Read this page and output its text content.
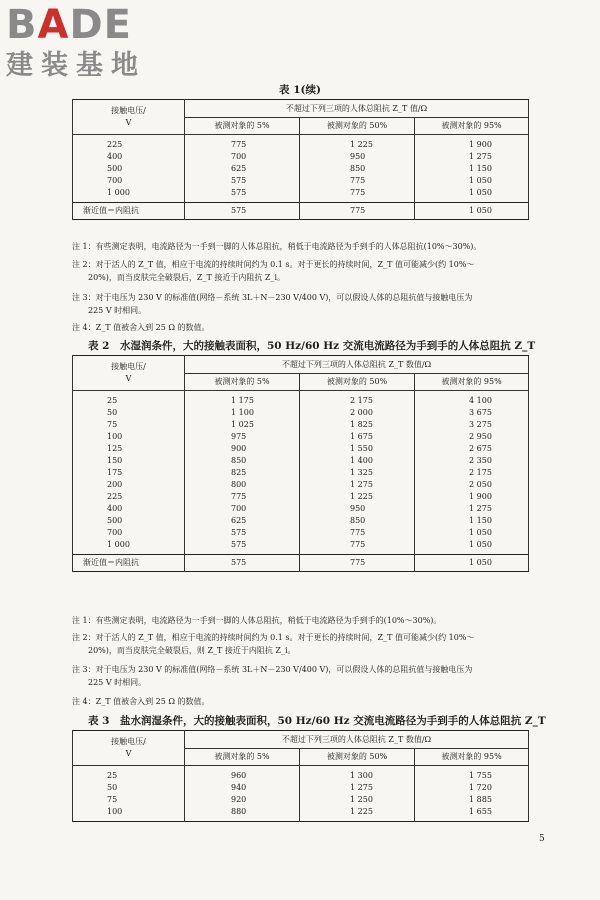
BADE
建装基地
表 1(续)
接触电压/
V	不超过下列三项的人体总阻抗 Z_T 值/Ω		
	被测对象的 5%	被测对象的 50%	被测对象的 95%
225	775	1 225	1 900
400	700	950	1 275
500	625	850	1 150
700	575	775	1 050
1 000	575	775	1 050
渐近值＝内阻抗	575	775	1 050
注 1：有些测定表明，电流路径为一手到一脚的人体总阻抗，稍低于电流路径为手到手的人体总阻抗(10%～30%)。
注 2：对于活人的 Z_T 值，相应于电流的持续时间约为 0.1 s。对于更长的持续时间，Z_T 值可能减少(约 10%～
20%)，而当皮肤完全破裂后，Z_T 接近于内阻抗 Z_i。
注 3：对于电压为 230 V 的标准值(网络－系统 3L＋N－230 V/400 V)，可以假设人体的总阻抗值与接触电压为
225 V 时相同。
注 4：Z_T 值被舍入到 25 Ω 的数值。
表 2　水湿润条件，大的接触表面积，50 Hz/60 Hz 交流电流路径为手到手的人体总阻抗 Z_T
接触电压/
V	不超过下列三项的人体总阻抗 Z_T 数值/Ω		
	被测对象的 5%	被测对象的 50%	被测对象的 95%
25	1 175	2 175	4 100
50	1 100	2 000	3 675
75	1 025	1 825	3 275
100	975	1 675	2 950
125	900	1 550	2 675
150	850	1 400	2 350
175	825	1 325	2 175
200	800	1 275	2 050
225	775	1 225	1 900
400	700	950	1 275
500	625	850	1 150
700	575	775	1 050
1 000	575	775	1 050
渐近值＝内阻抗	575	775	1 050
注 1：有些测定表明，电流路径为一手到一脚的人体总阻抗，稍低于电流路径为手到手的(10%～30%)。
注 2：对于活人的 Z_T 值，相应于电流的持续时间约为 0.1 s。对于更长的持续时间，Z_T 值可能减少(约 10%～
20%)，而当皮肤完全破裂后，则 Z_T 接近于内阻抗 Z_i。
注 3：对于电压为 230 V 的标准值(网络－系统 3L＋N－230 V/400 V)，可以假设人体的总阻抗值与接触电压为
225 V 时相同。
注 4：Z_T 值被舍入到 25 Ω 的数值。
表 3　盐水润湿条件，大的接触表面积，50 Hz/60 Hz 交流电流路径为手到手的人体总阻抗 Z_T
接触电压/
V	不超过下列三项的人体总阻抗 Z_T 数值/Ω		
	被测对象的 5%	被测对象的 50%	被测对象的 95%
25	960	1 300	1 755
50	940	1 275	1 720
75	920	1 250	1 885
100	880	1 225	1 655
5
